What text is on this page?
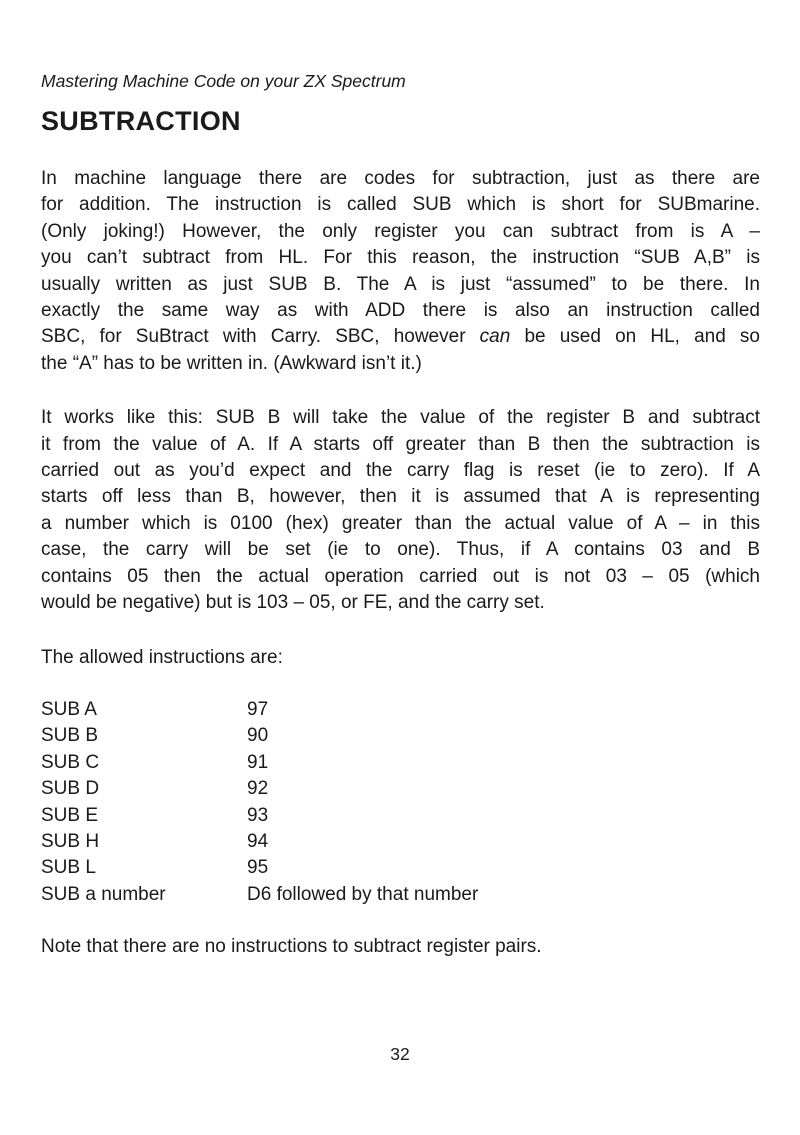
Mastering Machine Code on your ZX Spectrum
SUBTRACTION
In machine language there are codes for subtraction, just as there are
for addition. The instruction is called SUB which is short for SUBmarine.
(Only joking!) However, the only register you can subtract from is A –
you can’t subtract from HL. For this reason, the instruction “SUB A,B” is
usually written as just SUB B. The A is just “assumed” to be there. In
exactly the same way as with ADD there is also an instruction called
SBC, for SuBtract with Carry. SBC, however can be used on HL, and so
the “A” has to be written in. (Awkward isn’t it.)
It works like this: SUB B will take the value of the register B and subtract
it from the value of A. If A starts off greater than B then the subtraction is
carried out as you’d expect and the carry flag is reset (ie to zero). If A
starts off less than B, however, then it is assumed that A is representing
a number which is 0100 (hex) greater than the actual value of A – in this
case, the carry will be set (ie to one). Thus, if A contains 03 and B
contains 05 then the actual operation carried out is not 03 – 05 (which
would be negative) but is 103 – 05, or FE, and the carry set.
The allowed instructions are:
SUB A	97
SUB B	90
SUB C	91
SUB D	92
SUB E	93
SUB H	94
SUB L	95
SUB a number	D6 followed by that number
Note that there are no instructions to subtract register pairs.
32
